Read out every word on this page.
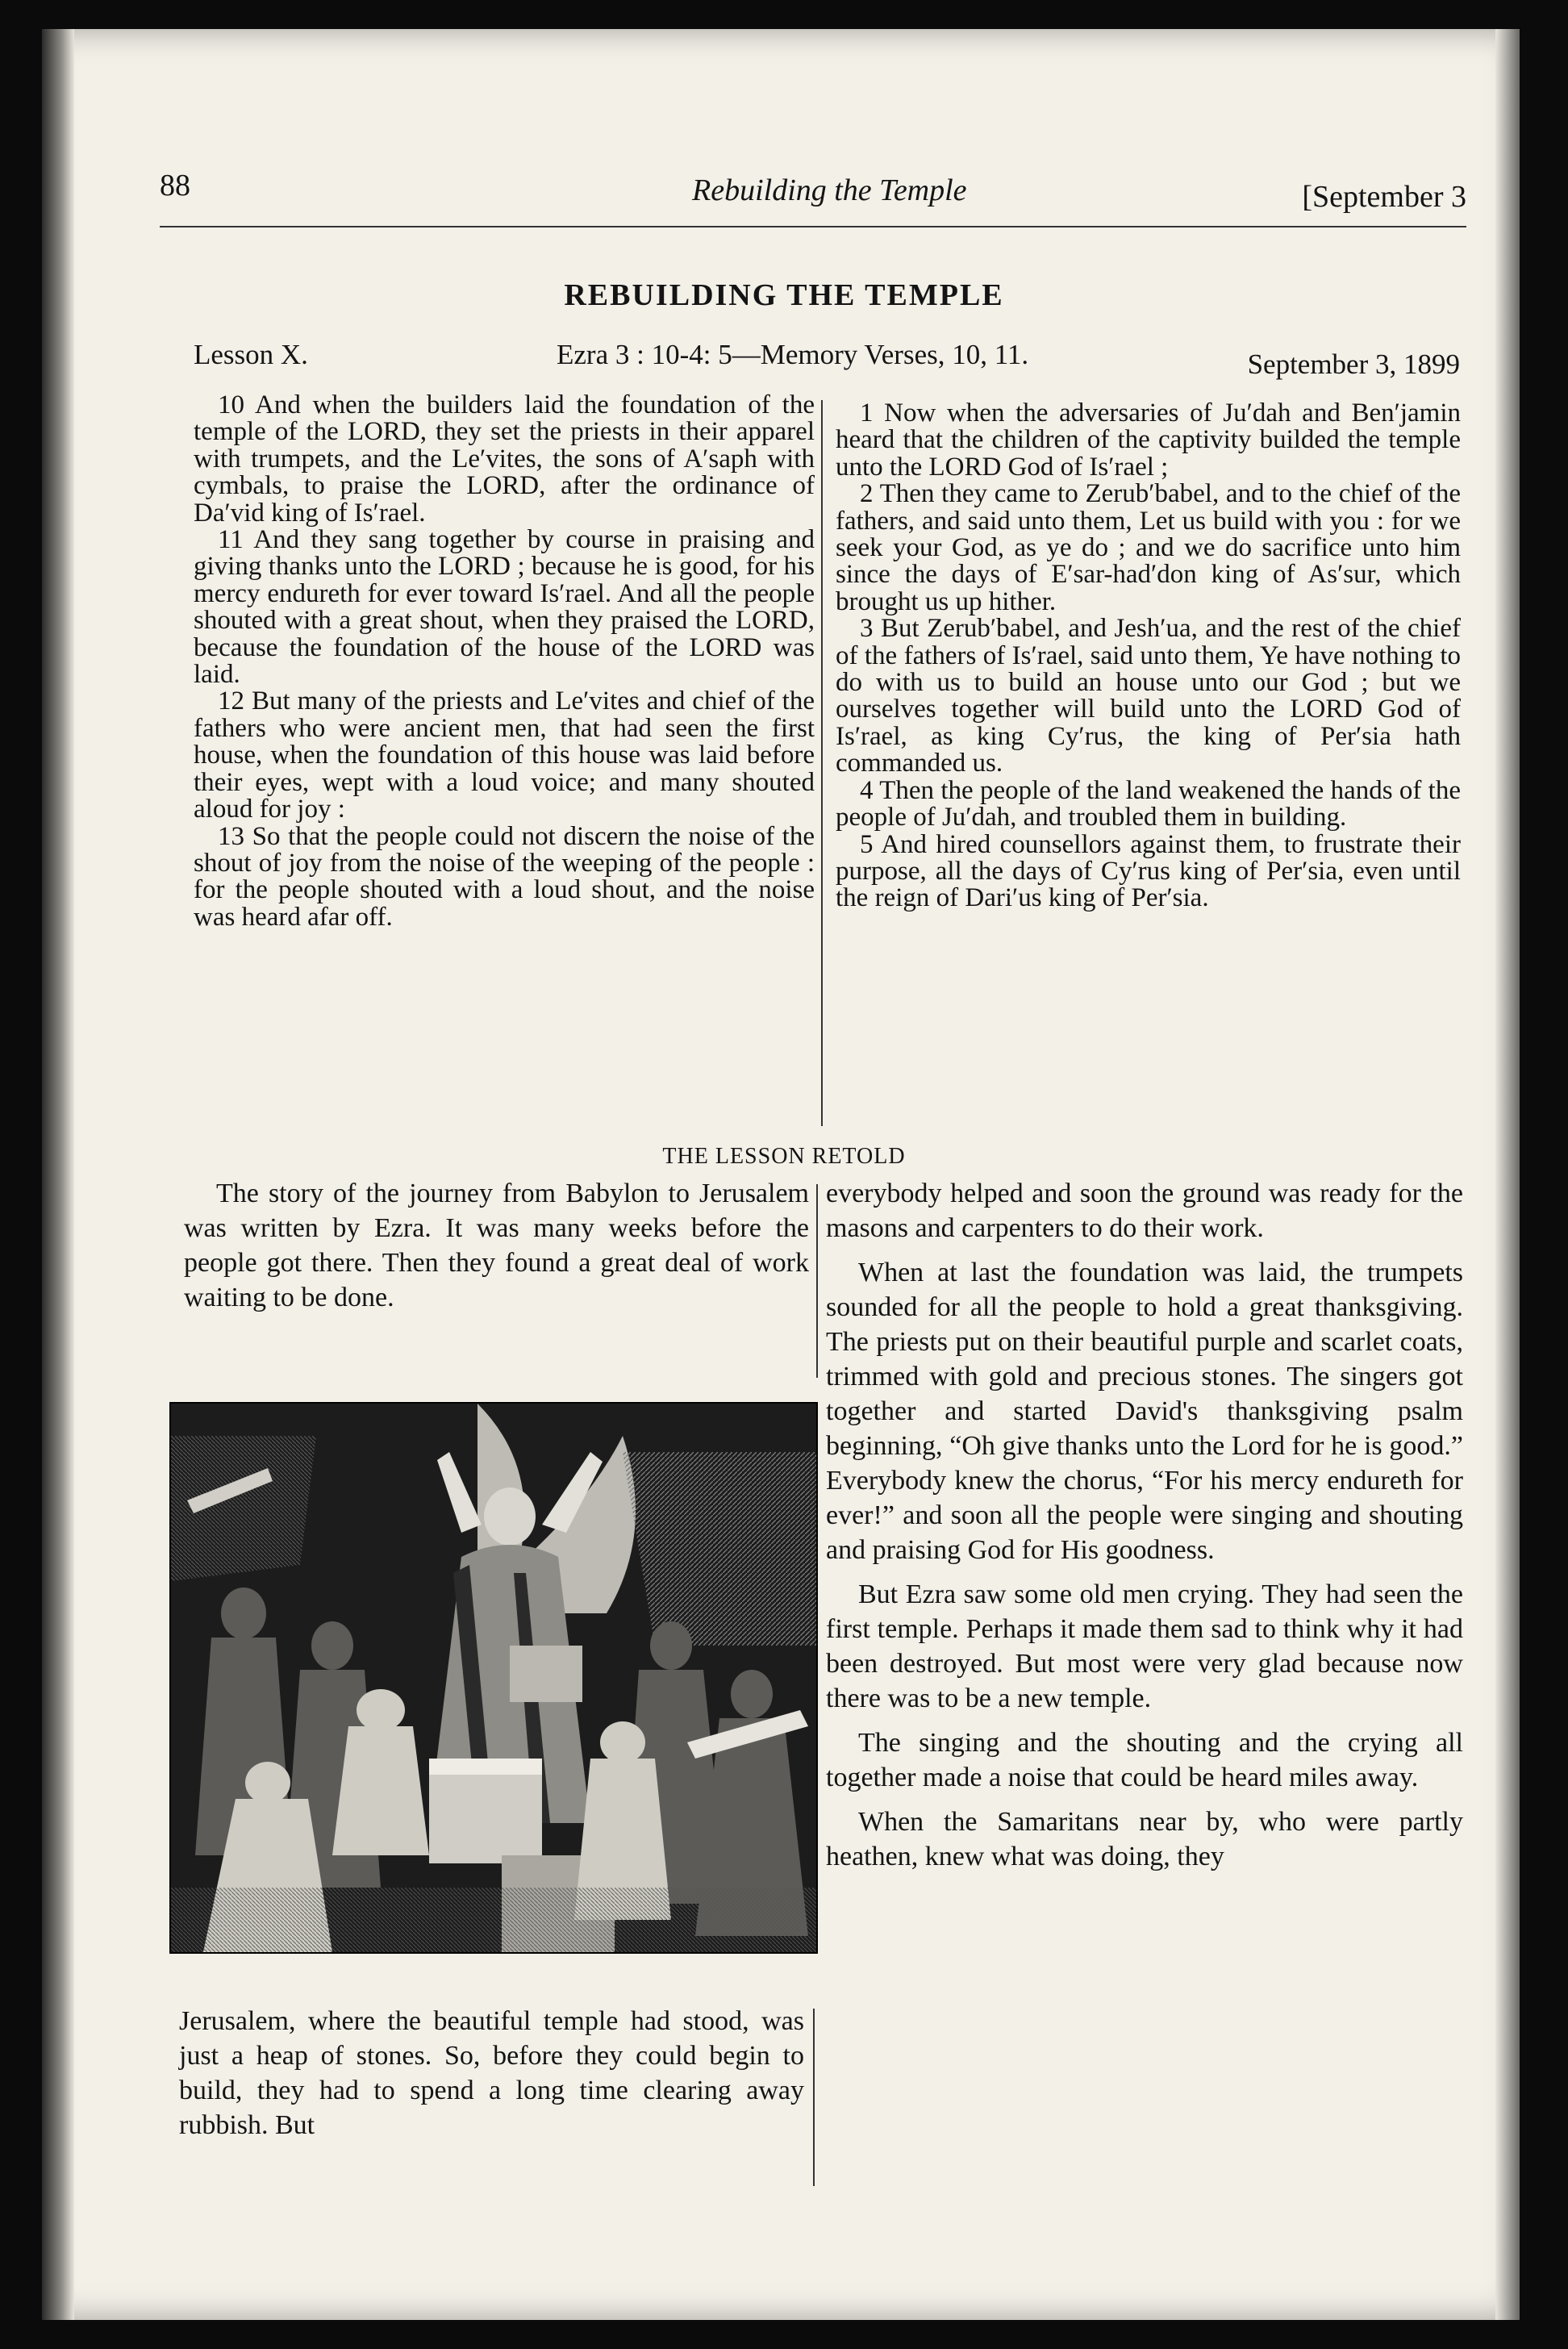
88	Rebuilding the Temple	[September 3
REBUILDING THE TEMPLE
Lesson X.	Ezra 3 : 10-4: 5—Memory Verses, 10, 11.	September 3, 1899

10 And when the builders laid the foundation of the temple of the LORD, they set the priests in their apparel with trumpets, and the Le′vites, the sons of A′saph with cymbals, to praise the LORD, after the ordinance of Da′vid king of Is′rael.

11 And they sang together by course in praising and giving thanks unto the LORD ; because he is good, for his mercy endureth for ever toward Is′rael. And all the people shouted with a great shout, when they praised the LORD, because the foundation of the house of the LORD was laid.

12 But many of the priests and Le′vites and chief of the fathers who were ancient men, that had seen the first house, when the foundation of this house was laid before their eyes, wept with a loud voice; and many shouted aloud for joy :

13 So that the people could not discern the noise of the shout of joy from the noise of the weeping of the people : for the people shouted with a loud shout, and the noise was heard afar off.

1 Now when the adversaries of Ju′dah and Ben′jamin heard that the children of the captivity builded the temple unto the LORD God of Is′rael ;

2 Then they came to Zerub′babel, and to the chief of the fathers, and said unto them, Let us build with you : for we seek your God, as ye do ; and we do sacrifice unto him since the days of E′sar-had′don king of As′sur, which brought us up hither.

3 But Zerub′babel, and Jesh′ua, and the rest of the chief of the fathers of Is′rael, said unto them, Ye have nothing to do with us to build an house unto our God ; but we ourselves together will build unto the LORD God of Is′rael, as king Cy′rus, the king of Per′sia hath commanded us.

4 Then the people of the land weakened the hands of the people of Ju′dah, and troubled them in building.

5 And hired counsellors against them, to frustrate their purpose, all the days of Cy′rus king of Per′sia, even until the reign of Dari′us king of Per′sia.

THE LESSON RETOLD

The story of the journey from Babylon to Jerusalem was written by Ezra. It was many weeks before the people got there. Then they found a great deal of work waiting to be done.

Jerusalem, where the beautiful temple had stood, was just a heap of stones. So, before they could begin to build, they had to spend a long time clearing away rubbish. But

everybody helped and soon the ground was ready for the masons and carpenters to do their work.

When at last the foundation was laid, the trumpets sounded for all the people to hold a great thanksgiving. The priests put on their beautiful purple and scarlet coats, trimmed with gold and precious stones. The singers got together and started David's thanksgiving psalm beginning, “Oh give thanks unto the Lord for he is good.” Everybody knew the chorus, “For his mercy endureth for ever!” and soon all the people were singing and shouting and praising God for His goodness.

But Ezra saw some old men crying. They had seen the first temple. Perhaps it made them sad to think why it had been destroyed. But most were very glad because now there was to be a new temple.

The singing and the shouting and the crying all together made a noise that could be heard miles away.

When the Samaritans near by, who were partly heathen, knew what was doing, they
